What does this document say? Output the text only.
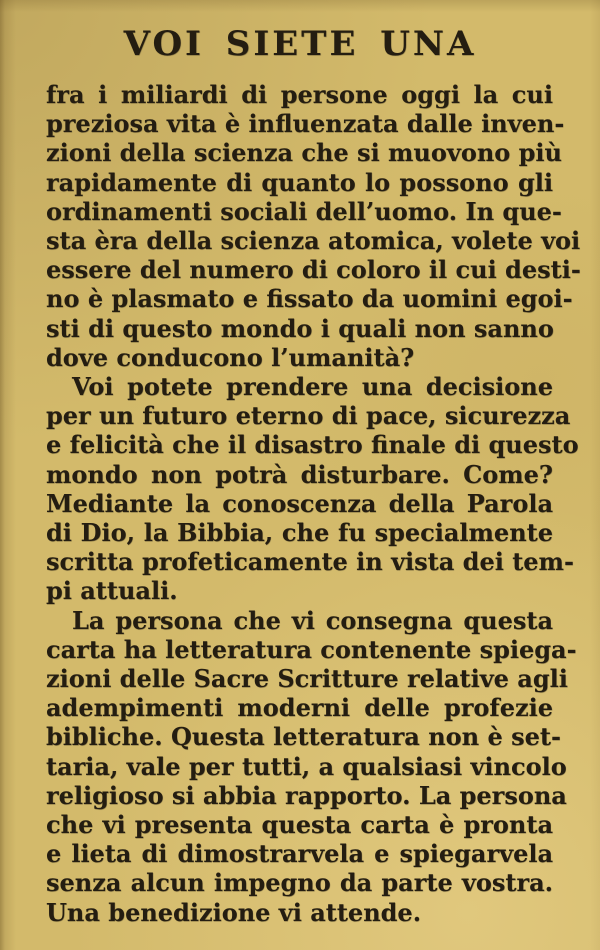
VOI SIETE UNA
fra i miliardi di persone oggi la cui
preziosa vita è influenzata dalle inven-
zioni della scienza che si muovono più
rapidamente di quanto lo possono gli
ordinamenti sociali dell’uomo. In que-
sta èra della scienza atomica, volete voi
essere del numero di coloro il cui desti-
no è plasmato e fissato da uomini egoi-
sti di questo mondo i quali non sanno
dove conducono l’umanità?
Voi potete prendere una decisione
per un futuro eterno di pace, sicurezza
e felicità che il disastro finale di questo
mondo non potrà disturbare. Come?
Mediante la conoscenza della Parola
di Dio, la Bibbia, che fu specialmente
scritta profeticamente in vista dei tem-
pi attuali.
La persona che vi consegna questa
carta ha letteratura contenente spiega-
zioni delle Sacre Scritture relative agli
adempimenti moderni delle profezie
bibliche. Questa letteratura non è set-
taria, vale per tutti, a qualsiasi vincolo
religioso si abbia rapporto. La persona
che vi presenta questa carta è pronta
e lieta di dimostrarvela e spiegarvela
senza alcun impegno da parte vostra.
Una benedizione vi attende.
